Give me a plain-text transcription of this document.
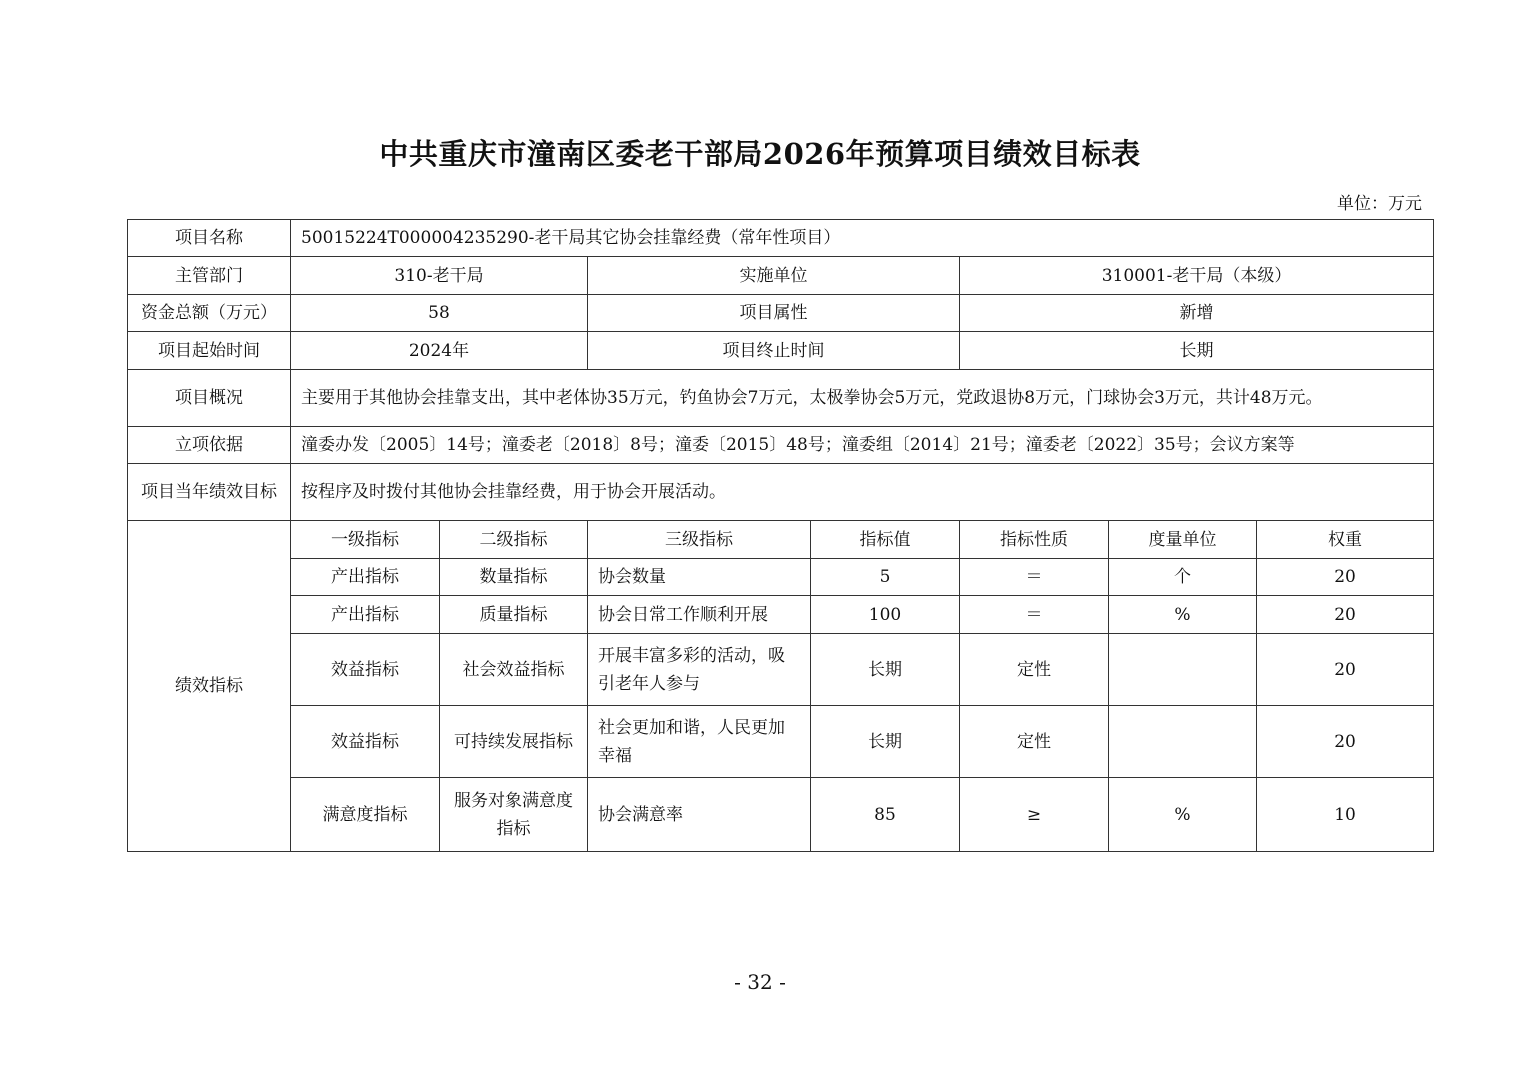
中共重庆市潼南区委老干部局2026年预算项目绩效目标表
单位：万元
项目名称	50015224T000004235290-老干局其它协会挂靠经费（常年性项目）						
主管部门	310-老干局		实施单位		310001-老干局（本级）		
资金总额（万元）	58		项目属性		新增		
项目起始时间	2024年		项目终止时间		长期		
项目概况	主要用于其他协会挂靠支出，其中老体协35万元，钓鱼协会7万元，太极拳协会5万元，党政退协8万元，门球协会3万元，共计48万元。						
立项依据	潼委办发〔2005〕14号；潼委老〔2018〕8号；潼委〔2015〕48号；潼委组〔2014〕21号；潼委老〔2022〕35号；会议方案等						
项目当年绩效目标	按程序及时拨付其他协会挂靠经费，用于协会开展活动。						
绩效指标	一级指标	二级指标	三级指标	指标值	指标性质	度量单位	权重
	产出指标	数量指标	协会数量	5	＝	个	20
	产出指标	质量指标	协会日常工作顺利开展	100	＝	%	20
	效益指标	社会效益指标	开展丰富多彩的活动，吸引老年人参与	长期	定性		20
	效益指标	可持续发展指标	社会更加和谐，人民更加幸福	长期	定性		20
	满意度指标	服务对象满意度指标	协会满意率	85	≥	%	10
- 32 -
